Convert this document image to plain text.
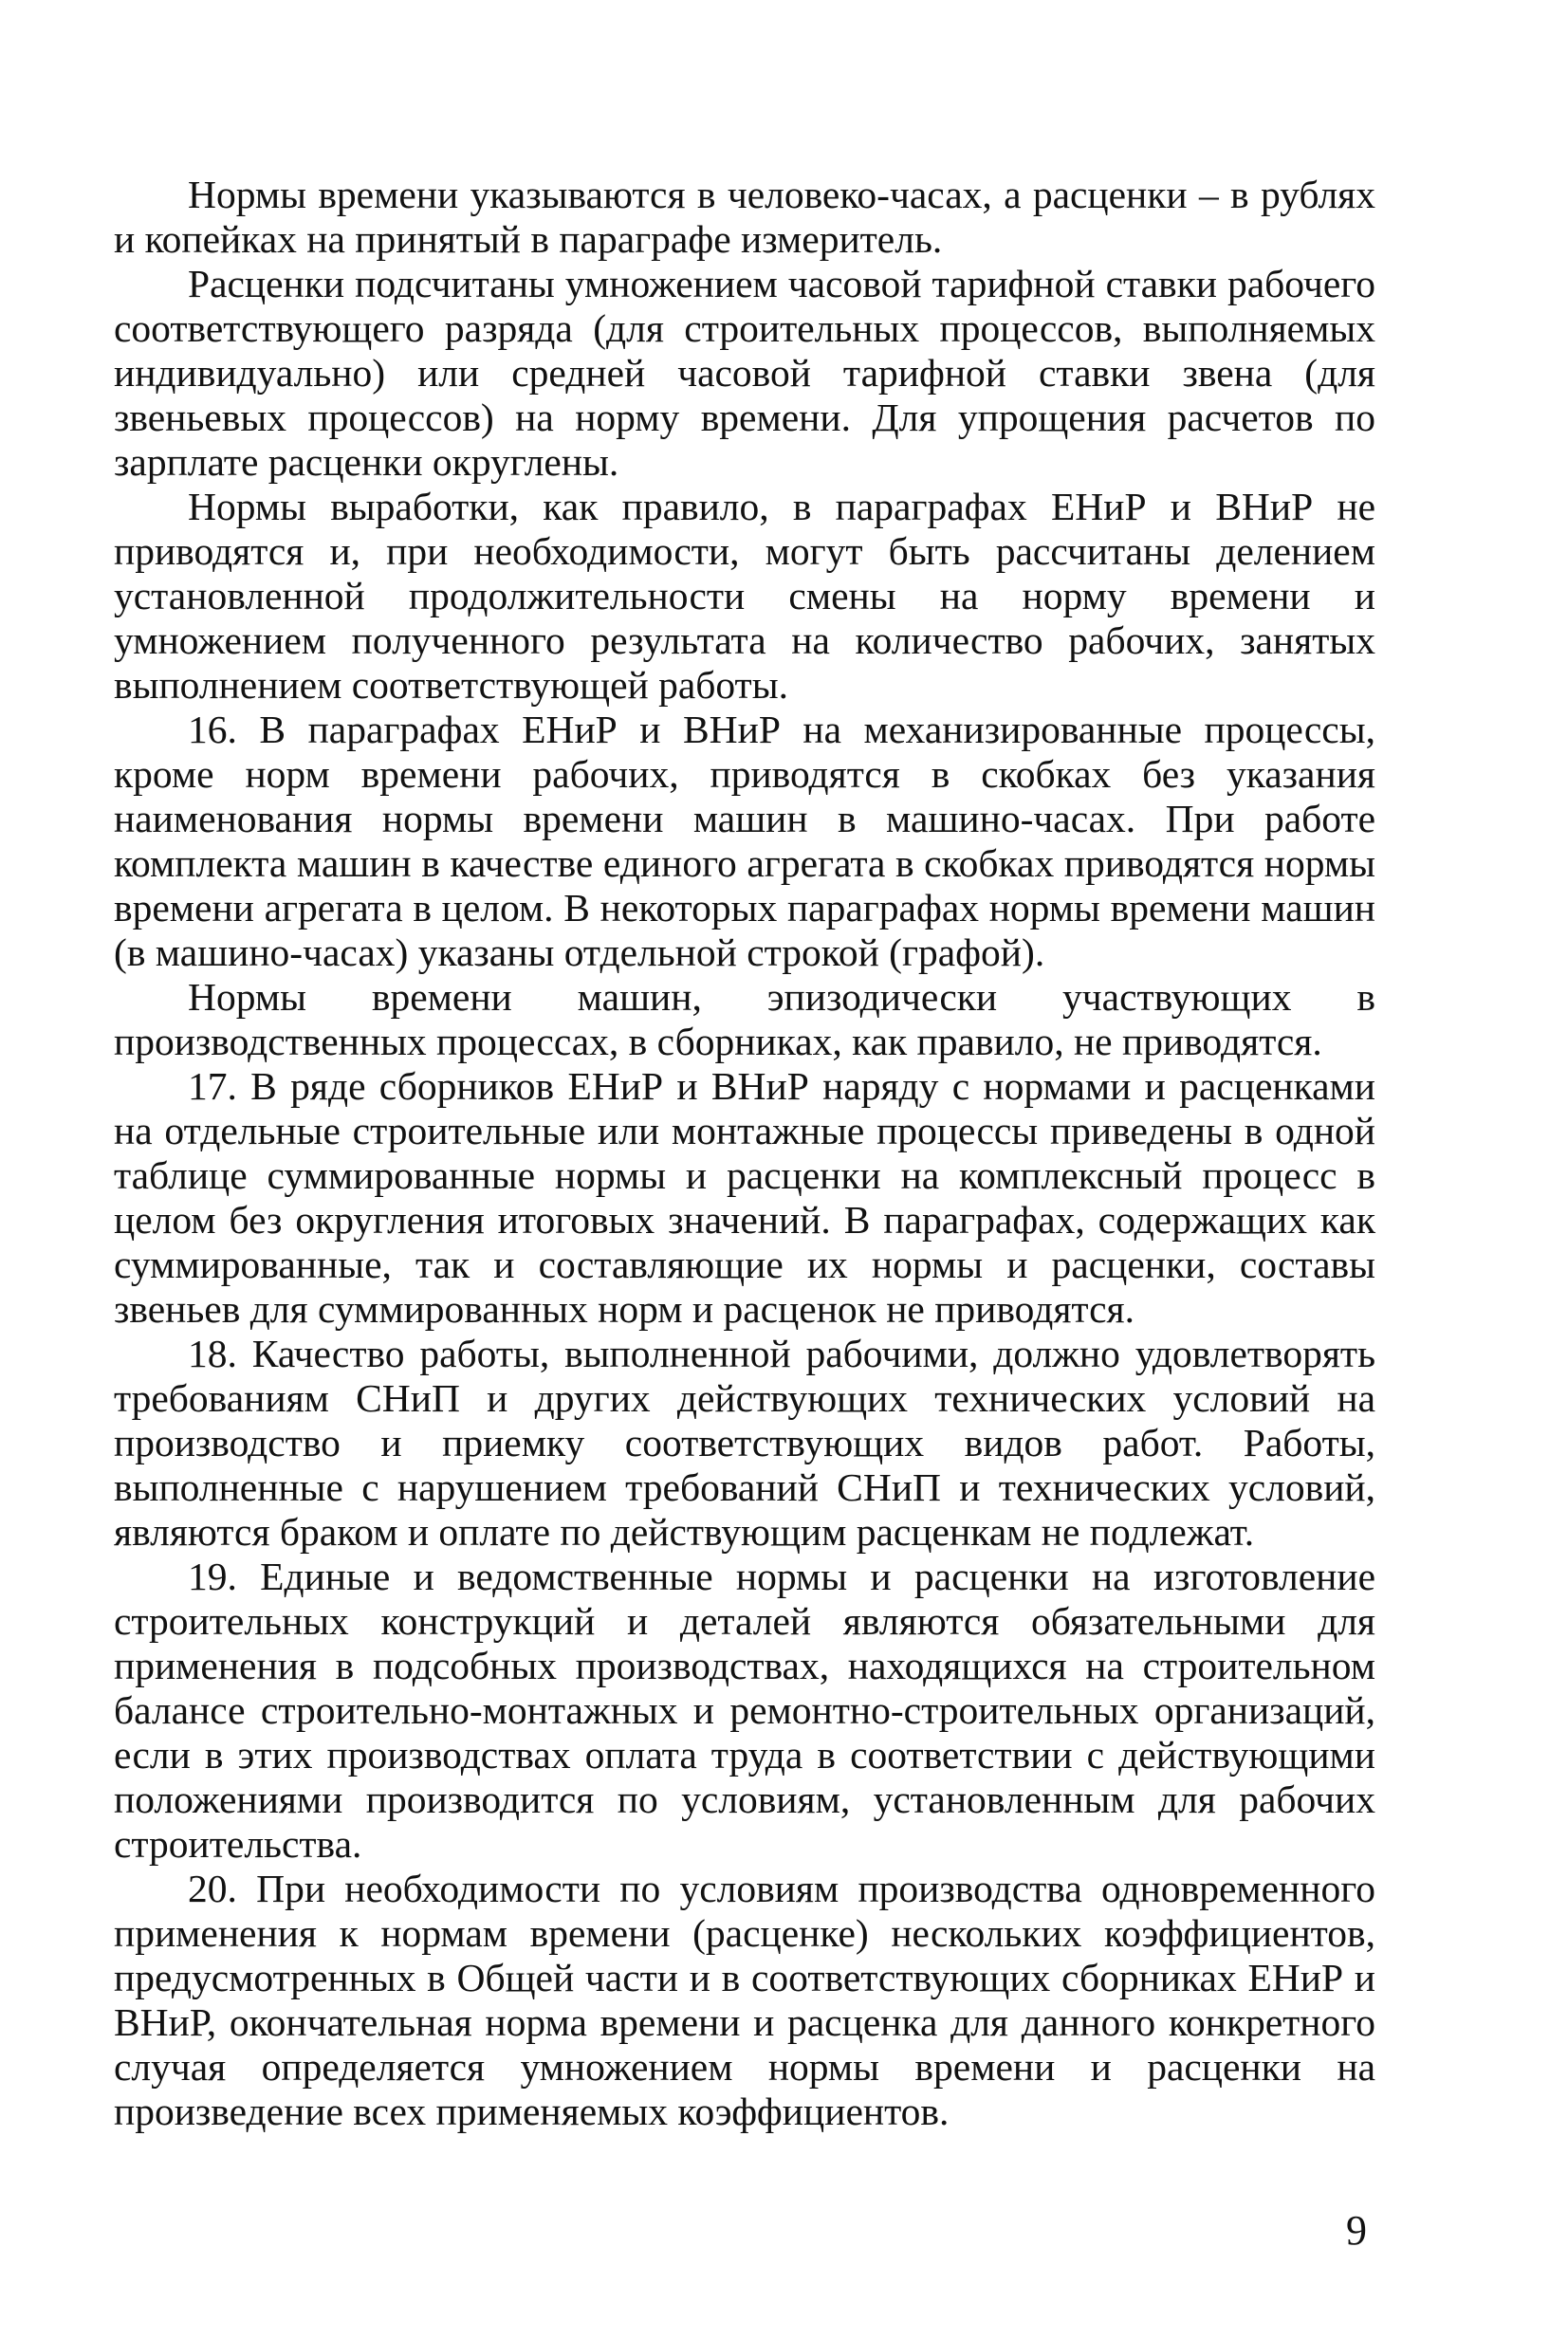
Нормы времени указываются в человеко-часах, а расценки – в рублях и копейках на принятый в параграфе измеритель.

Расценки подсчитаны умножением часовой тарифной ставки рабочего соответствующего разряда (для строительных процессов, выполняемых индивидуально) или средней часовой тарифной ставки звена (для звеньевых процессов) на норму времени. Для упрощения расчетов по зарплате расценки округлены.

Нормы выработки, как правило, в параграфах ЕНиР и ВНиР не приводятся и, при необходимости, могут быть рассчитаны делением установленной продолжительности смены на норму времени и умножением полученного результата на количество рабочих, занятых выполнением соответствующей работы.

16. В параграфах ЕНиР и ВНиР на механизированные процессы, кроме норм времени рабочих, приводятся в скобках без указания наименования нормы времени машин в машино-часах. При работе комплекта машин в качестве единого агрегата в скобках приводятся нормы времени агрегата в целом. В некоторых параграфах нормы времени машин (в машино-часах) указаны отдельной строкой (графой).

Нормы времени машин, эпизодически участвующих в производственных процессах, в сборниках, как правило, не приводятся.

17. В ряде сборников ЕНиР и ВНиР наряду с нормами и расценками на отдельные строительные или монтажные процессы приведены в одной таблице суммированные нормы и расценки на комплексный процесс в целом без округления итоговых значений. В параграфах, содержащих как суммированные, так и составляющие их нормы и расценки, составы звеньев для суммированных норм и расценок не приводятся.

18. Качество работы, выполненной рабочими, должно удовлетворять требованиям СНиП и других действующих технических условий на производство и приемку соответствующих видов работ. Работы, выполненные с нарушением требований СНиП и технических условий, являются браком и оплате по действующим расценкам не подлежат.

19. Единые и ведомственные нормы и расценки на изготовление строительных конструкций и деталей являются обязательными для применения в подсобных производствах, находящихся на строительном балансе строительно-монтажных и ремонтно-строительных организаций, если в этих производствах оплата труда в соответствии с действующими положениями производится по условиям, установленным для рабочих строительства.

20. При необходимости по условиям производства одновременного применения к нормам времени (расценке) нескольких коэффициентов, предусмотренных в Общей части и в соответствующих сборниках ЕНиР и ВНиР, окончательная норма времени и расценка для данного конкретного случая определяется умножением нормы времени и расценки на произведение всех применяемых коэффициентов.

9
